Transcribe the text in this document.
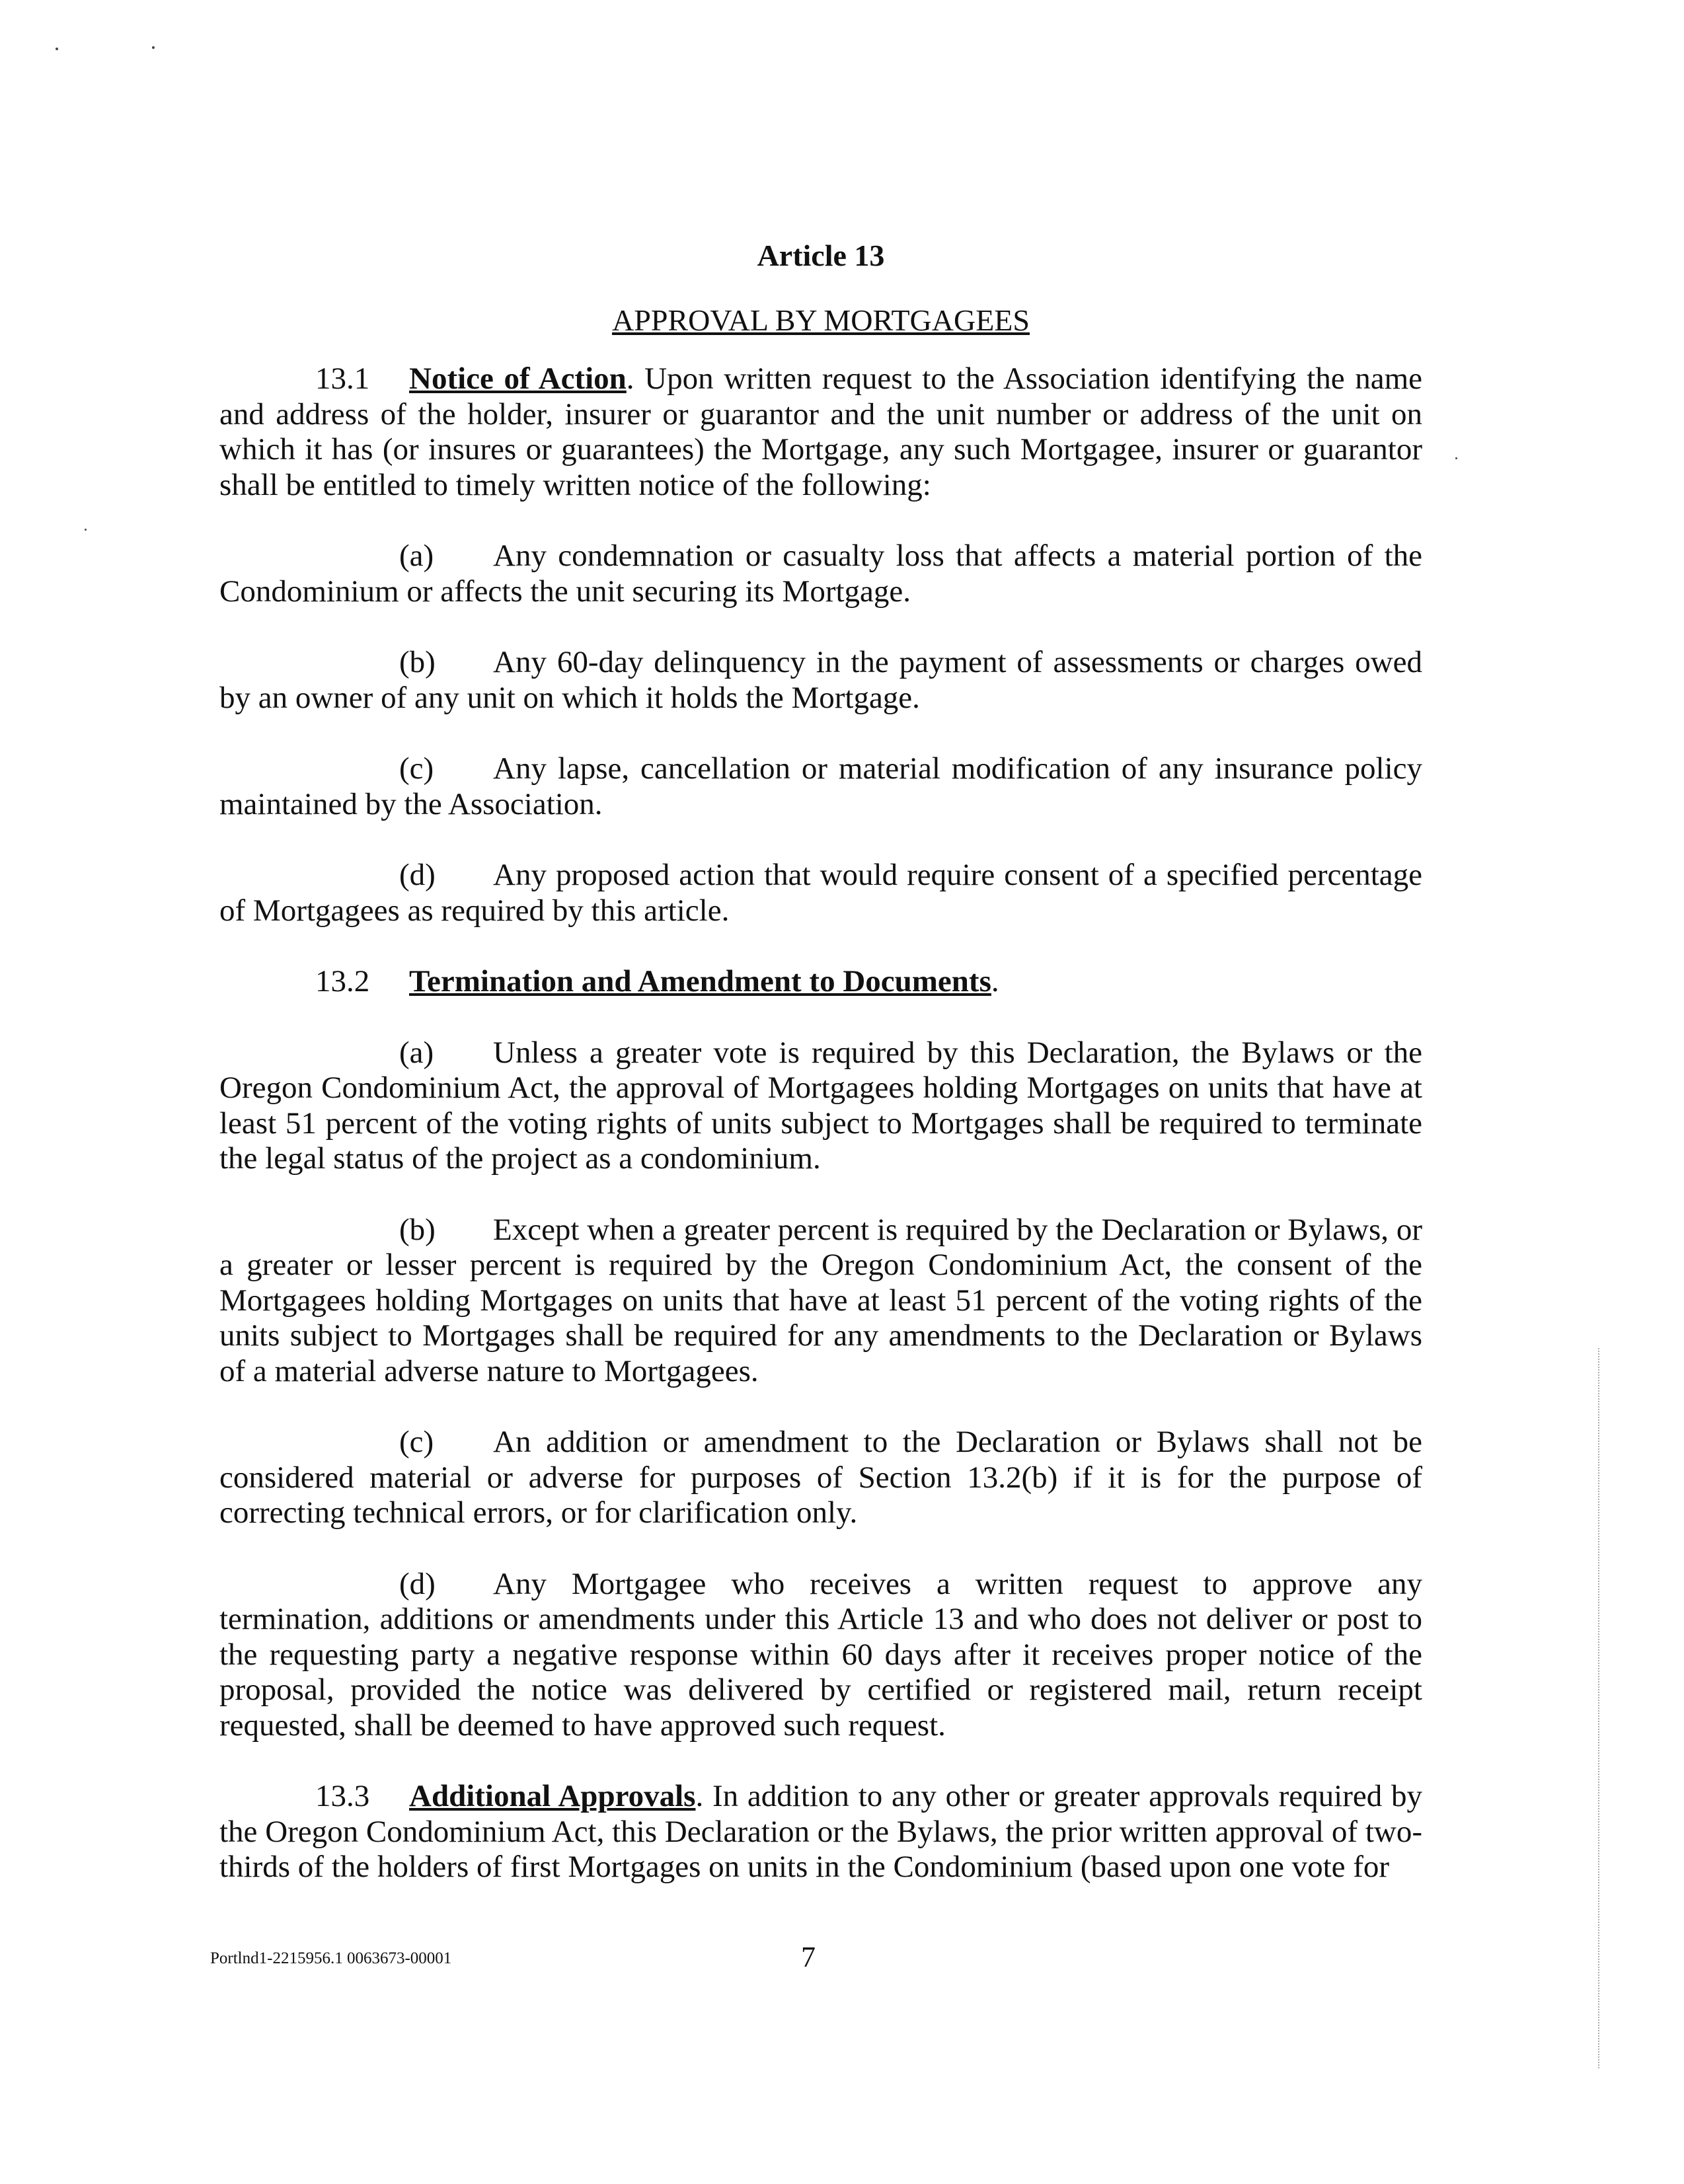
Article 13
APPROVAL BY MORTGAGEES

13.1 Notice of Action. Upon written request to the Association identifying the name and address of the holder, insurer or guarantor and the unit number or address of the unit on which it has (or insures or guarantees) the Mortgage, any such Mortgagee, insurer or guarantor shall be entitled to timely written notice of the following:

(a) Any condemnation or casualty loss that affects a material portion of the Condominium or affects the unit securing its Mortgage.

(b) Any 60-day delinquency in the payment of assessments or charges owed by an owner of any unit on which it holds the Mortgage.

(c) Any lapse, cancellation or material modification of any insurance policy maintained by the Association.

(d) Any proposed action that would require consent of a specified percentage of Mortgagees as required by this article.

13.2 Termination and Amendment to Documents.

(a) Unless a greater vote is required by this Declaration, the Bylaws or the Oregon Condominium Act, the approval of Mortgagees holding Mortgages on units that have at least 51 percent of the voting rights of units subject to Mortgages shall be required to terminate the legal status of the project as a condominium.

(b) Except when a greater percent is required by the Declaration or Bylaws, or a greater or lesser percent is required by the Oregon Condominium Act, the consent of the Mortgagees holding Mortgages on units that have at least 51 percent of the voting rights of the units subject to Mortgages shall be required for any amendments to the Declaration or Bylaws of a material adverse nature to Mortgagees.

(c) An addition or amendment to the Declaration or Bylaws shall not be considered material or adverse for purposes of Section 13.2(b) if it is for the purpose of correcting technical errors, or for clarification only.

(d) Any Mortgagee who receives a written request to approve any termination, additions or amendments under this Article 13 and who does not deliver or post to the requesting party a negative response within 60 days after it receives proper notice of the proposal, provided the notice was delivered by certified or registered mail, return receipt requested, shall be deemed to have approved such request.

13.3 Additional Approvals. In addition to any other or greater approvals required by the Oregon Condominium Act, this Declaration or the Bylaws, the prior written approval of two-thirds of the holders of first Mortgages on units in the Condominium (based upon one vote for

Portlnd1-2215956.1 0063673-00001	7
